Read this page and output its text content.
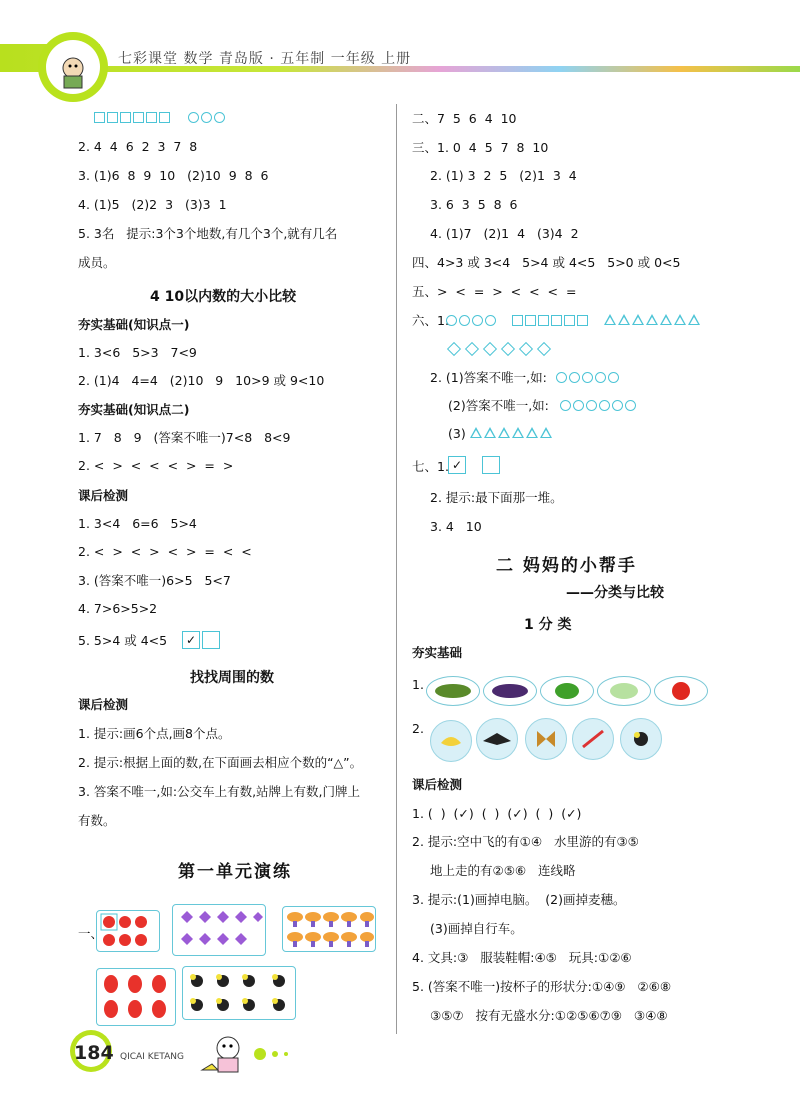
七彩课堂 数学 青岛版 · 五年制 一年级 上册
2. 4  4  6  2  3  7  8
3. (1)6  8  9  10   (2)10  9  8  6
4. (1)5   (2)2  3   (3)3  1
5. 3名   提示:3个3个地数,有几个3个,就有几名
成员。
4 10以内数的大小比较
夯实基础(知识点一)
1. 3<6   5>3   7<9
2. (1)4   4=4   (2)10   9   10>9 或 9<10
夯实基础(知识点二)
1. 7   8   9   (答案不唯一)7<8   8<9
2. <  >  <  <  <  >  =  >
课后检测
1. 3<4   6=6   5>4
2. <  >  <  >  <  >  =  <  <
3. (答案不唯一)6>5   5<7
4. 7>6>5>2
5. 5>4 或 4<5	✓
找找周围的数
课后检测
1. 提示:画6个点,画8个点。
2. 提示:根据上面的数,在下面画去相应个数的“△”。
3. 答案不唯一,如:公交车上有数,站牌上有数,门牌上
有数。
第一单元演练
一、
二、7  5  6  4  10
三、1. 0  4  5  7  8  10
2. (1) 3  2  5   (2)1  3  4
3. 6  3  5  8  6
4. (1)7   (2)1  4   (3)4  2
四、4>3 或 3<4   5>4 或 4<5   5>0 或 0<5
五、>  <  =  >  <  <  <  =
六、1.
2. (1)答案不唯一,如:
(2)答案不唯一,如:
(3)
七、1. ✓
2. 提示:最下面那一堆。
3. 4   10
二 妈妈的小帮手
——分类与比较
1 分 类
夯实基础
1.
2.
课后检测
1. (  )  (✓)  (  )  (✓)  (  )  (✓)
2. 提示:空中飞的有①④   水里游的有③⑤
地上走的有②⑤⑥   连线略
3. 提示:(1)画掉电脑。  (2)画掉麦穗。
(3)画掉自行车。
4. 文具:③   服装鞋帽:④⑤   玩具:①②⑥
5. (答案不唯一)按杯子的形状分:①④⑨   ②⑥⑧
③⑤⑦   按有无盛水分:①②⑤⑥⑦⑨   ③④⑧
184 QICAI KETANG
